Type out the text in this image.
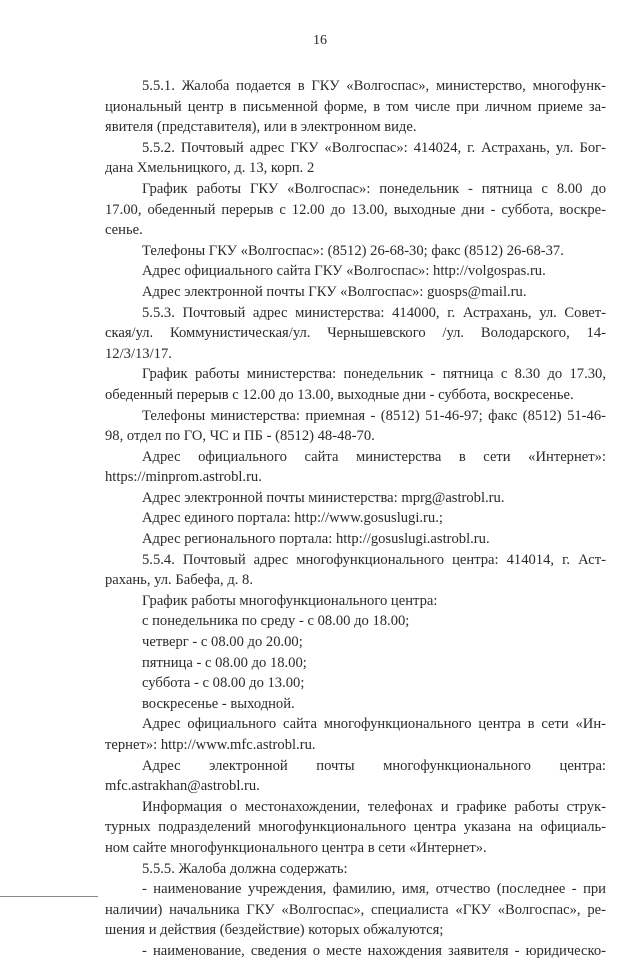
16
5.5.1. Жалоба подается в ГКУ «Волгоспас», министерство, многофунк-
циональный центр в письменной форме, в том числе при личном приеме за-
явителя (представителя), или в электронном виде.
5.5.2. Почтовый адрес ГКУ «Волгоспас»: 414024, г. Астрахань, ул. Бог-
дана Хмельницкого, д. 13, корп. 2
График работы ГКУ «Волгоспас»: понедельник - пятница с 8.00 до
17.00, обеденный перерыв с 12.00 до 13.00, выходные дни - суббота, воскре-
сенье.
Телефоны ГКУ «Волгоспас»: (8512) 26-68-30; факс (8512) 26-68-37.
Адрес официального сайта ГКУ «Волгоспас»: http://volgospas.ru.
Адрес электроннoй почты ГКУ «Волгоспас»: guosps@mail.ru.
5.5.3. Почтовый адрес министерства: 414000, г. Астрахань, ул. Совет-
ская/ул. Коммунистическая/ул. Чернышевского /ул. Володарского, 14-
12/3/13/17.
График работы министерства: понедельник - пятница с 8.30 до 17.30,
обеденный перерыв с 12.00 до 13.00, выходные дни - суббота, воскресенье.
Телефоны министерства: приемная - (8512) 51-46-97; факс (8512) 51-46-
98, отдел по ГО, ЧС и ПБ - (8512) 48-48-70.
Адрес официального сайта министерства в сети «Интернет»:
https://minprom.astrobl.ru.
Адрес электронной почты министерства: mprg@astrobl.ru.
Адрес единого портала: http://www.gosuslugi.ru.;
Адрес регионального портала: http://gosuslugi.astrobl.ru.
5.5.4. Почтовый адрес многофункционального центра: 414014, г. Аст-
рахань, ул. Бабефа, д. 8.
График работы многофункционального центра:
с понедельника по среду - с 08.00 до 18.00;
четверг - с 08.00 до 20.00;
пятница - с 08.00 до 18.00;
суббота - с 08.00 до 13.00;
воскресенье - выходной.
Адрес официального сайта многофункционального центра в сети «Ин-
тернет»: http://www.mfc.astrobl.ru.
Адрес электронной почты многофункционального центра:
mfc.astrakhan@astrobl.ru.
Информация о местонахождении, телефонах и графике работы струк-
турных подразделений многофункционального центра указана на официаль-
ном сайте многофункционального центра в сети «Интернет».
5.5.5. Жалоба должна содержать:
- наименование учреждения, фамилию, имя, отчество (последнее - при
наличии) начальника ГКУ «Волгоспас», специалиста «ГКУ «Волгоспас», ре-
шения и действия (бездействие) которых обжалуются;
- наименование, сведения о месте нахождения заявителя - юридическо-
